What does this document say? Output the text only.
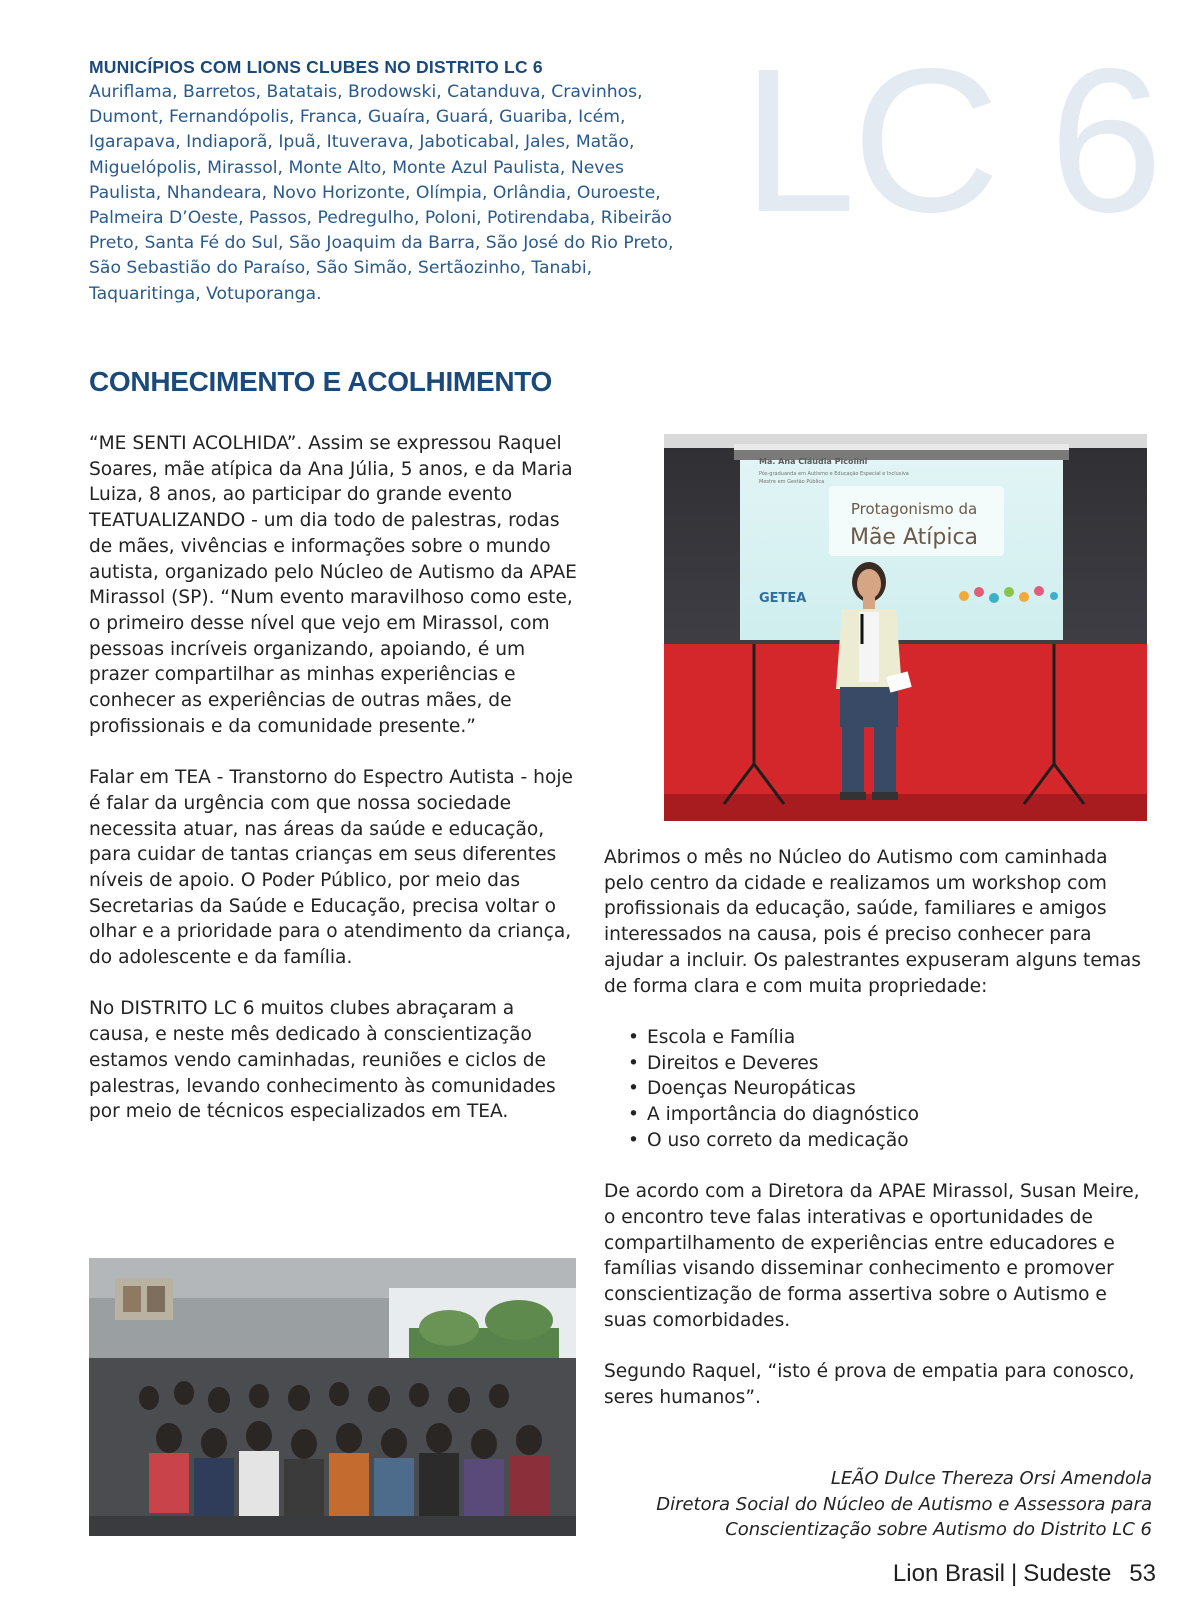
MUNICÍPIOS COM LIONS CLUBES NO DISTRITO LC 6
Auriflama, Barretos, Batatais, Brodowski, Catanduva, Cravinhos, Dumont, Fernandópolis, Franca, Guaíra, Guará, Guariba, Icém, Igarapava, Indiaporã, Ipuã, Ituverava, Jaboticabal, Jales, Matão, Miguelópolis, Mirassol, Monte Alto, Monte Azul Paulista, Neves Paulista, Nhandeara, Novo Horizonte, Olímpia, Orlândia, Ouroeste, Palmeira D’Oeste, Passos, Pedregulho, Poloni, Potirendaba, Ribeirão Preto, Santa Fé do Sul, São Joaquim da Barra, São José do Rio Preto, São Sebastião do Paraíso, São Simão, Sertãozinho, Tanabi, Taquaritinga, Votuporanga.
LC 6
CONHECIMENTO E ACOLHIMENTO

“ME SENTI ACOLHIDA”. Assim se expressou Raquel Soares, mãe atípica da Ana Júlia, 5 anos, e da Maria Luiza, 8 anos, ao participar do grande evento TEATUALIZANDO - um dia todo de palestras, rodas de mães, vivências e informações sobre o mundo autista, organizado pelo Núcleo de Autismo da APAE Mirassol (SP). “Num evento maravilhoso como este, o primeiro desse nível que vejo em Mirassol, com pessoas incríveis organizando, apoiando, é um prazer compartilhar as minhas experiências e conhecer as experiências de outras mães, de profissionais e da comunidade presente.”

Falar em TEA - Transtorno do Espectro Autista - hoje é falar da urgência com que nossa sociedade necessita atuar, nas áreas da saúde e educação, para cuidar de tantas crianças em seus diferentes níveis de apoio. O Poder Público, por meio das Secretarias da Saúde e Educação, precisa voltar o olhar e a prioridade para o atendimento da criança, do adolescente e da família.

No DISTRITO LC 6 muitos clubes abraçaram a causa, e neste mês dedicado à conscientização estamos vendo caminhadas, reuniões e ciclos de palestras, levando conhecimento às comunidades por meio de técnicos especializados em TEA.

Ma. Ana Cláudia Picolini
Pós-graduanda em Autismo e Educação Especial e Inclusiva
Mestre em Gestão Pública
Protagonismo da
Mãe Atípica
GETEA

Abrimos o mês no Núcleo do Autismo com caminhada pelo centro da cidade e realizamos um workshop com profissionais da educação, saúde, familiares e amigos interessados na causa, pois é preciso conhecer para ajudar a incluir. Os palestrantes expuseram alguns temas de forma clara e com muita propriedade:

• Escola e Família
• Direitos e Deveres
• Doenças Neuropáticas
• A importância do diagnóstico
• O uso correto da medicação

De acordo com a Diretora da APAE Mirassol, Susan Meire, o encontro teve falas interativas e oportunidades de compartilhamento de experiências entre educadores e famílias visando disseminar conhecimento e promover conscientização de forma assertiva sobre o Autismo e suas comorbidades.

Segundo Raquel, “isto é prova de empatia para conosco, seres humanos”.

LEÃO Dulce Thereza Orsi Amendola
Diretora Social do Núcleo de Autismo e Assessora para
Conscientização sobre Autismo do Distrito LC 6
Lion Brasil | Sudeste 53
